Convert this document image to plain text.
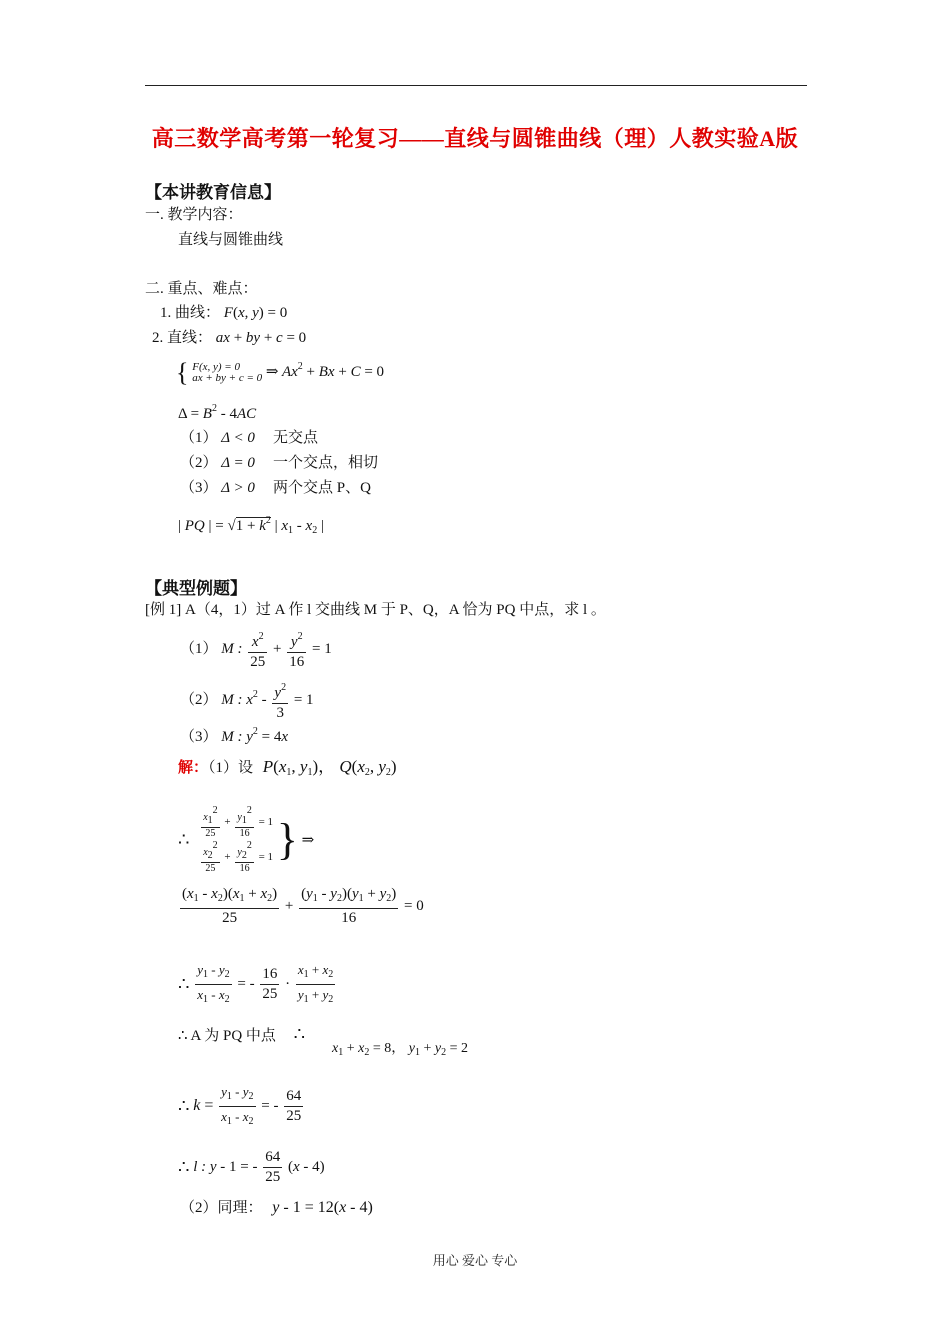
高三数学高考第一轮复习——直线与圆锥曲线（理）人教实验A版
【本讲教育信息】
一. 教学内容：
直线与圆锥曲线
二. 重点、难点：
1. 曲线： F(x, y) = 0
2. 直线： ax + by + c = 0
{ F(x, y) = 0
ax + by + c = 0 ⇒ $Ax^2 + Bx + C = 0$
$\Delta = B^2 - 4AC$
（1） Δ < 0 无交点
（2） Δ = 0 一个交点，相切
（3） Δ > 0 两个交点 P、Q
| PQ | = $√1 + k^2$ | $x_1 - x_2$ |
【典型例题】
[例 1] A（4，1）过 A 作 l 交曲线 M 于 P、Q，A 恰为 PQ 中点，求 l 。
（1） M : $\frac{x^2}{25} + \frac{y^2}{16} = 1$
（2） M : $x^2 - \frac{y^2}{3} = 1$
（3） M : $y^2 = 4x$
解：（1）设 $P(x_1$, $y_1$)， $Q(x_2$, $y_2$)
∴ $\frac{x12}{25} + \frac{y12}{16} = 1$
$\frac{x22}{25} + \frac{y22}{16} = 1$ } ⇒
$\frac{(x_1 - x_2)(x_1 + x_2)}{25} + \frac{(y_1 - y_2)(y_1 + y_2)}{16} = 0$
∴ $\frac{y_1 - y_2}{x_1 - x_2}$ = - $\frac{16}{25} \cdot \frac{x_1 + x_2}{y_1 + y_2}$
∴ A 为 PQ 中点 ∴
$x_1 + x_2 = 8$， $y_1 + y_2 = 2$
∴ $k = \frac{y_1 - y_2}{x_1 - x_2}$ = - $\frac{64}{25}$
∴ l : y - 1 = - $\frac{64}{25} (x - 4)$
（2）同理： y - 1 = 12(x - 4)
用心 爱心 专心
